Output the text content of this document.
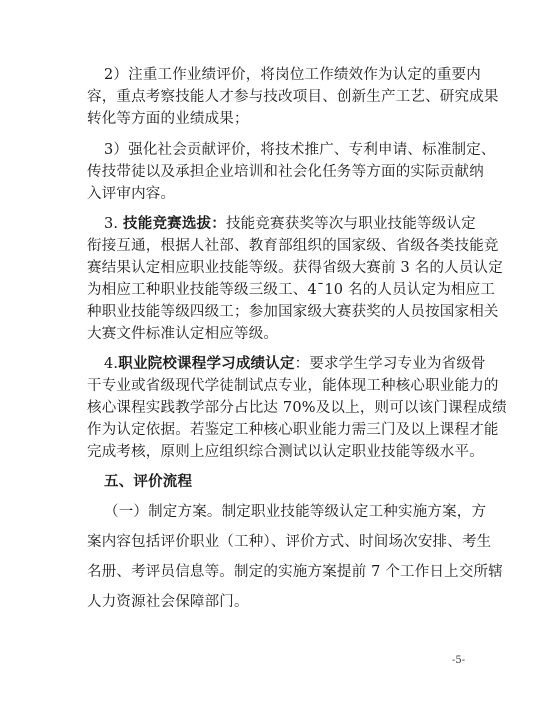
2）注重工作业绩评价，将岗位工作绩效作为认定的重要内
容，重点考察技能人才参与技改项目、创新生产工艺、研究成果
转化等方面的业绩成果；
3）强化社会贡献评价，将技术推广、专利申请、标准制定、
传技带徒以及承担企业培训和社会化任务等方面的实际贡献纳
入评审内容。
3. 技能竞赛选拔：技能竞赛获奖等次与职业技能等级认定
衔接互通，根据人社部、教育部组织的国家级、省级各类技能竞
赛结果认定相应职业技能等级。获得省级大赛前 3 名的人员认定
为相应工种职业技能等级三级工、4¯10 名的人员认定为相应工
种职业技能等级四级工；参加国家级大赛获奖的人员按国家相关
大赛文件标准认定相应等级。
4.职业院校课程学习成绩认定：要求学生学习专业为省级骨
干专业或省级现代学徒制试点专业，能体现工种核心职业能力的
核心课程实践教学部分占比达 70%及以上，则可以该门课程成绩
作为认定依据。若鉴定工种核心职业能力需三门及以上课程才能
完成考核，原则上应组织综合测试以认定职业技能等级水平。
五、评价流程
（一）制定方案。制定职业技能等级认定工种实施方案，方
案内容包括评价职业（工种）、评价方式、时间场次安排、考生
-5-
名册、考评员信息等。制定的实施方案提前 7 个工作日上交所辖
人力资源社会保障部门。
